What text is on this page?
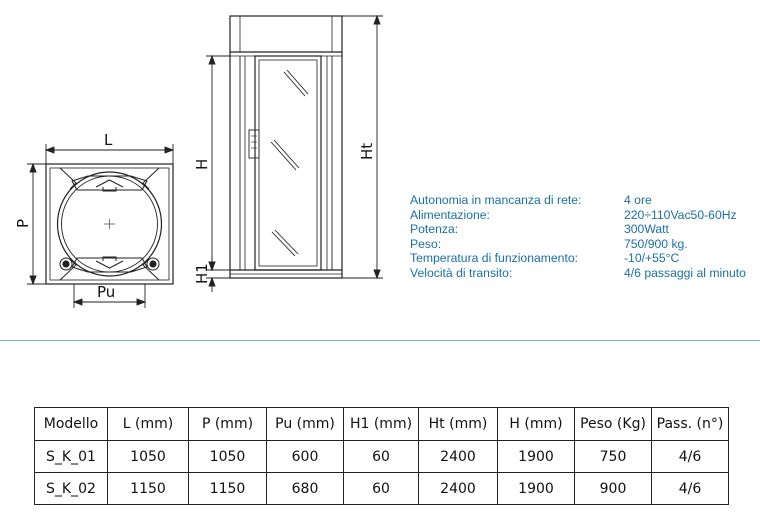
L
P
Pu
H
H1
Ht
Autonomia in mancanza di rete:	4 ore
Alimentazione:	220÷110Vac50-60Hz
Potenza:	300Watt
Peso:	750/900 kg.
Temperatura di funzionamento:	-10/+55°C
Velocità di transito:	4/6 passaggi al minuto
Modello	L (mm)	P (mm)	Pu (mm)	H1 (mm)	Ht (mm)	H (mm)	Peso (Kg)	Pass. (n°)
S_K_01	1050	1050	600	60	2400	1900	750	4/6
S_K_02	1150	1150	680	60	2400	1900	900	4/6
